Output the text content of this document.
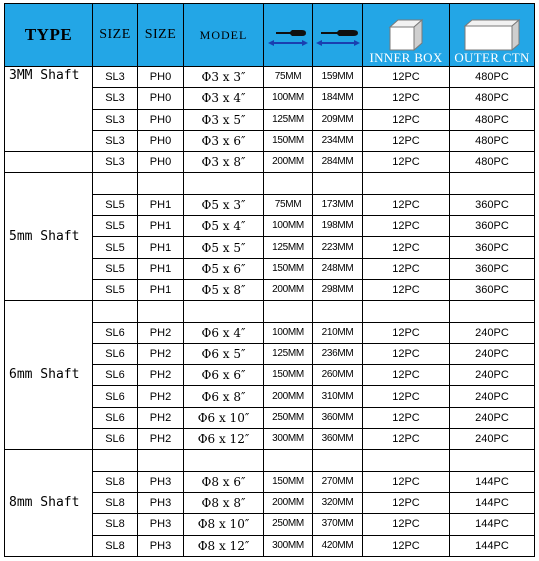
TYPE	SIZE	SIZE	MODEL			INNER BOX	OUTER CTN

3MM Shaft	SL3	PH0	Φ3 x 3″	75MM	159MM	12PC	480PC
	SL3	PH0	Φ3 x 4″	100MM	184MM	12PC	480PC
	SL3	PH0	Φ3 x 5″	125MM	209MM	12PC	480PC
	SL3	PH0	Φ3 x 6″	150MM	234MM	12PC	480PC
	SL3	PH0	Φ3 x 8″	200MM	284MM	12PC	480PC
5mm Shaft							
	SL5	PH1	Φ5 x 3″	75MM	173MM	12PC	360PC
	SL5	PH1	Φ5 x 4″	100MM	198MM	12PC	360PC
	SL5	PH1	Φ5 x 5″	125MM	223MM	12PC	360PC
	SL5	PH1	Φ5 x 6″	150MM	248MM	12PC	360PC
	SL5	PH1	Φ5 x 8″	200MM	298MM	12PC	360PC
6mm Shaft							
	SL6	PH2	Φ6 x 4″	100MM	210MM	12PC	240PC
	SL6	PH2	Φ6 x 5″	125MM	236MM	12PC	240PC
	SL6	PH2	Φ6 x 6″	150MM	260MM	12PC	240PC
	SL6	PH2	Φ6 x 8″	200MM	310MM	12PC	240PC
	SL6	PH2	Φ6 x 10″	250MM	360MM	12PC	240PC
	SL6	PH2	Φ6 x 12″	300MM	360MM	12PC	240PC
8mm Shaft							
	SL8	PH3	Φ8 x 6″	150MM	270MM	12PC	144PC
	SL8	PH3	Φ8 x 8″	200MM	320MM	12PC	144PC
	SL8	PH3	Φ8 x 10″	250MM	370MM	12PC	144PC
	SL8	PH3	Φ8 x 12″	300MM	420MM	12PC	144PC
